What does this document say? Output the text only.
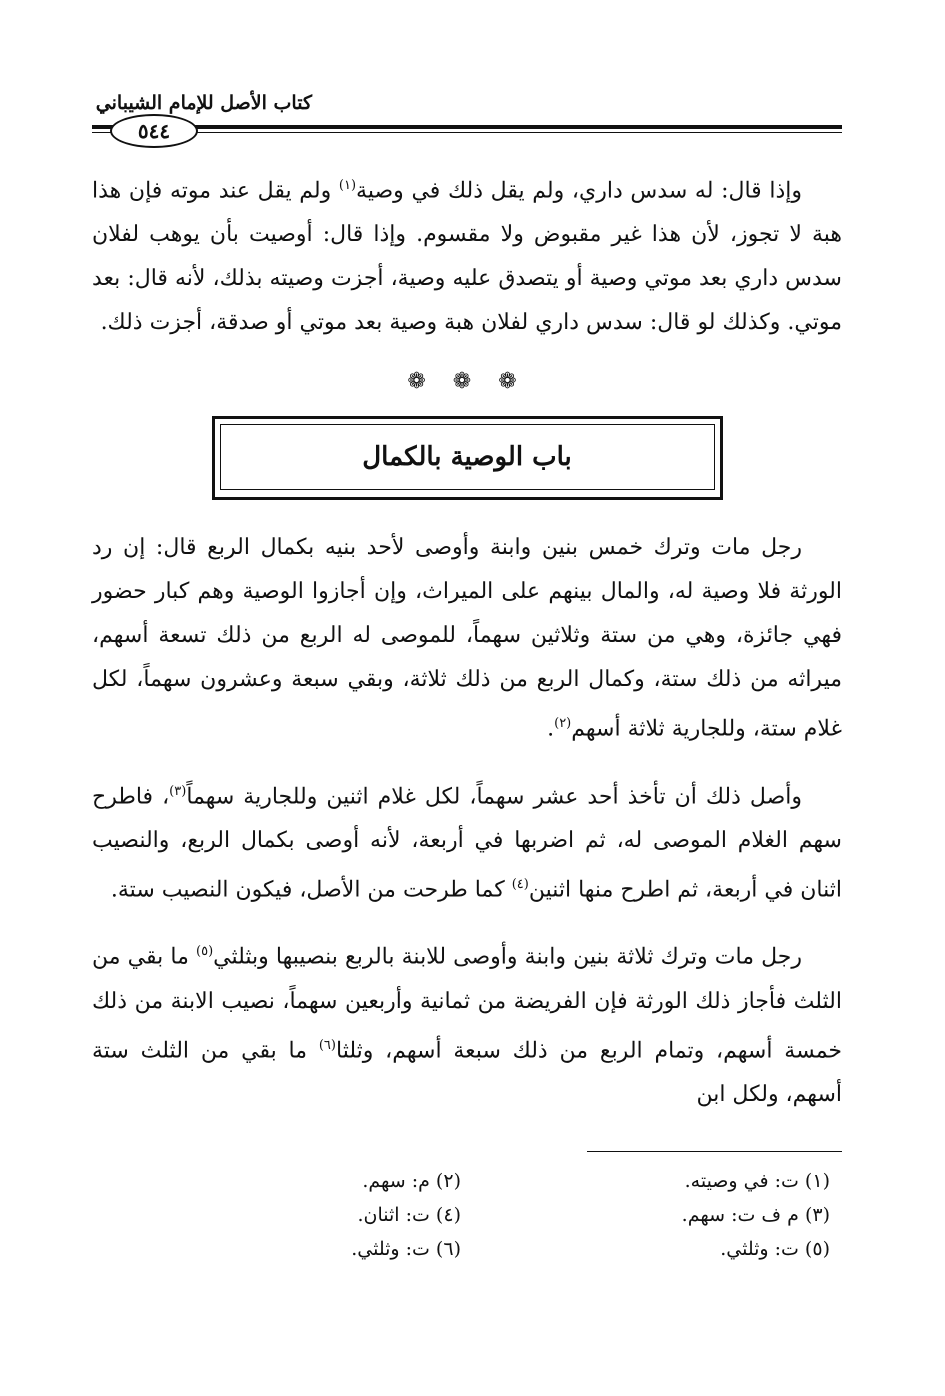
كتاب الأصل للإمام الشيباني
٥٤٤

وإذا قال: له سدس داري، ولم يقل ذلك في وصية$^{(١)}$ ولم يقل عند موته فإن هذا هبة لا تجوز، لأن هذا غير مقبوض ولا مقسوم. وإذا قال: أوصيت بأن يوهب لفلان سدس داري بعد موتي وصية أو يتصدق عليه وصية، أجزت وصيته بذلك، لأنه قال: بعد موتي. وكذلك لو قال: سدس داري لفلان هبة وصية بعد موتي أو صدقة، أجزت ذلك.

❁ ❁ ❁
باب الوصية بالكمال

رجل مات وترك خمس بنين وابنة وأوصى لأحد بنيه بكمال الربع قال: إن رد الورثة فلا وصية له، والمال بينهم على الميراث، وإن أجازوا الوصية وهم كبار حضور فهي جائزة، وهي من ستة وثلاثين سهماً، للموصى له الربع من ذلك تسعة أسهم، ميراثه من ذلك ستة، وكمال الربع من ذلك ثلاثة، وبقي سبعة وعشرون سهماً، لكل غلام ستة، وللجارية ثلاثة أسهم$^{(٢)}$.

وأصل ذلك أن تأخذ أحد عشر سهماً، لكل غلام اثنين وللجارية سهماً$^{(٣)}$، فاطرح سهم الغلام الموصى له، ثم اضربها في أربعة، لأنه أوصى بكمال الربع، والنصيب اثنان في أربعة، ثم اطرح منها اثنين$^{(٤)}$ كما طرحت من الأصل، فيكون النصيب ستة.

رجل مات وترك ثلاثة بنين وابنة وأوصى للابنة بالربع بنصيبها وبثلثي$^{(٥)}$ ما بقي من الثلث فأجاز ذلك الورثة فإن الفريضة من ثمانية وأربعين سهماً، نصيب الابنة من ذلك خمسة أسهم، وتمام الربع من ذلك سبعة أسهم، وثلثا$^{(٦)}$ ما بقي من الثلث ستة أسهم، ولكل ابن

(١) ت: في وصيته.
(٢) م: سهم.
(٣) م ف ت: سهم.
(٤) ت: اثنان.
(٥) ت: وثلثي.
(٦) ت: وثلثي.
